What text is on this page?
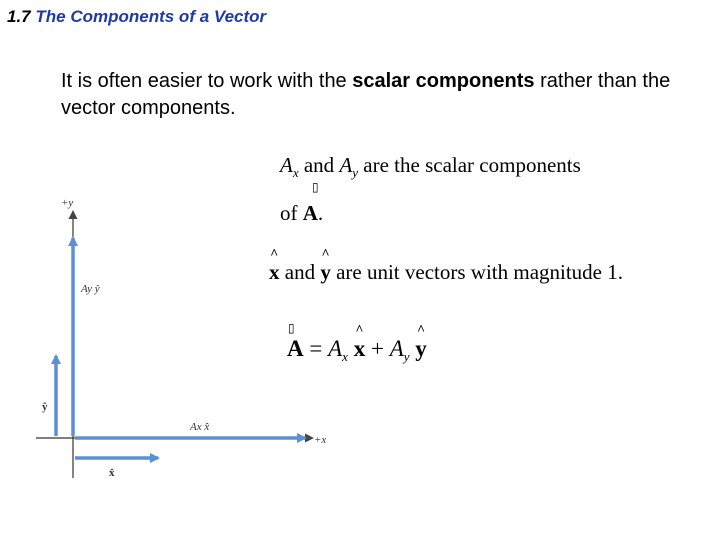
1.7 The Components of a Vector
It is often easier to work with the scalar components rather than the vector components.
$A_x$ and $A_y$ are the scalar components
▯
of A.
^ x and ^ y are unit vectors with magnitude 1.
▯
$A = A_x$ ^ $x + A_y$ ^ y
+y
+x
Ay ŷ
Ax x̂
ŷ
x̂
